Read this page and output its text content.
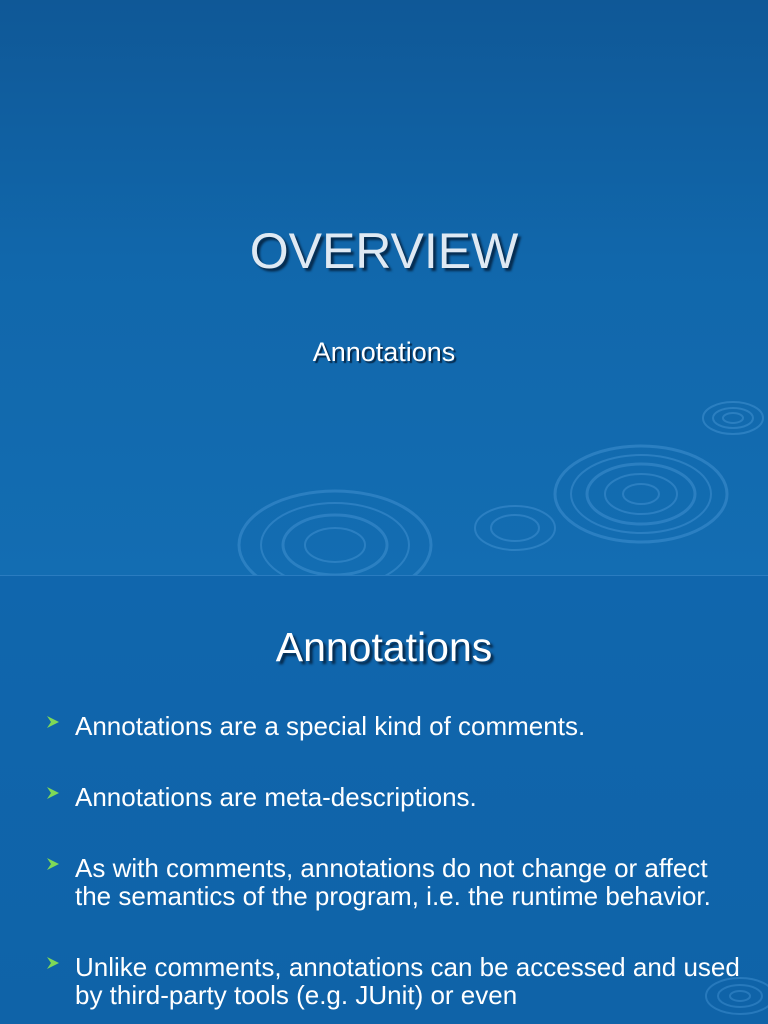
OVERVIEW
Annotations
Annotations
Annotations are a special kind of comments.
Annotations are meta-descriptions.
As with comments, annotations do not change or affect the semantics of the program, i.e. the runtime behavior.
Unlike comments, annotations can be accessed and used by third-party tools (e.g. JUnit) or even
